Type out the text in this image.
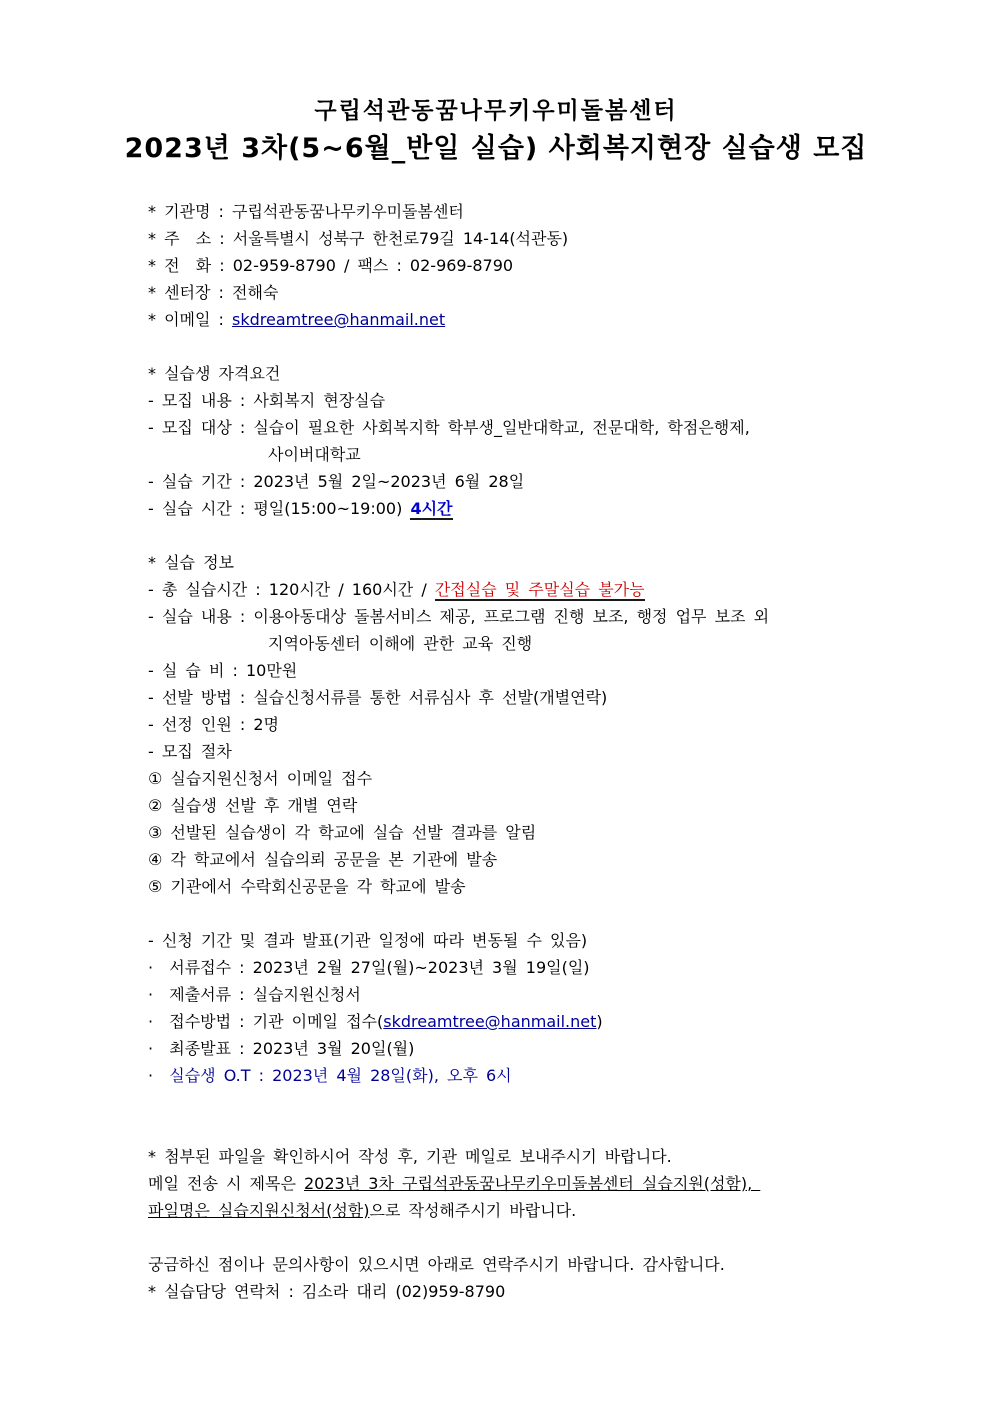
구립석관동꿈나무키우미돌봄센터
2023년 3차(5~6월_반일 실습) 사회복지현장 실습생 모집
* 기관명 : 구립석관동꿈나무키우미돌봄센터
* 주  소 : 서울특별시 성북구 한천로79길 14-14(석관동)
* 전  화 : 02-959-8790 / 팩스 : 02-969-8790
* 센터장 : 전해숙
* 이메일 : skdreamtree@hanmail.net
* 실습생 자격요건
- 모집 내용 : 사회복지 현장실습
- 모집 대상 : 실습이 필요한 사회복지학 학부생_일반대학교, 전문대학, 학점은행제,
사이버대학교
- 실습 기간 : 2023년 5월 2일~2023년 6월 28일
- 실습 시간 : 평일(15:00~19:00) 4시간
* 실습 정보
- 총 실습시간 : 120시간 / 160시간 / 간접실습 및 주말실습 불가능
- 실습 내용 : 이용아동대상 돌봄서비스 제공, 프로그램 진행 보조, 행정 업무 보조 외
지역아동센터 이해에 관한 교육 진행
- 실 습 비 : 10만원
- 선발 방법 : 실습신청서류를 통한 서류심사 후 선발(개별연락)
- 선정 인원 : 2명
- 모집 절차
① 실습지원신청서 이메일 접수
② 실습생 선발 후 개별 연락
③ 선발된 실습생이 각 학교에 실습 선발 결과를 알림
④ 각 학교에서 실습의뢰 공문을 본 기관에 발송
⑤ 기관에서 수락회신공문을 각 학교에 발송
- 신청 기간 및 결과 발표(기관 일정에 따라 변동될 수 있음)
·  서류접수 : 2023년 2월 27일(월)~2023년 3월 19일(일)
·  제출서류 : 실습지원신청서
·  접수방법 : 기관 이메일 접수(skdreamtree@hanmail.net)
·  최종발표 : 2023년 3월 20일(월)
·  실습생 O.T : 2023년 4월 28일(화), 오후 6시
* 첨부된 파일을 확인하시어 작성 후, 기관 메일로 보내주시기 바랍니다.
메일 전송 시 제목은 2023년 3차 구립석관동꿈나무키우미돌봄센터 실습지원(성함),
파일명은 실습지원신청서(성함)으로 작성해주시기 바랍니다.
궁금하신 점이나 문의사항이 있으시면 아래로 연락주시기 바랍니다. 감사합니다.
* 실습담당 연락처 : 김소라 대리 (02)959-8790
